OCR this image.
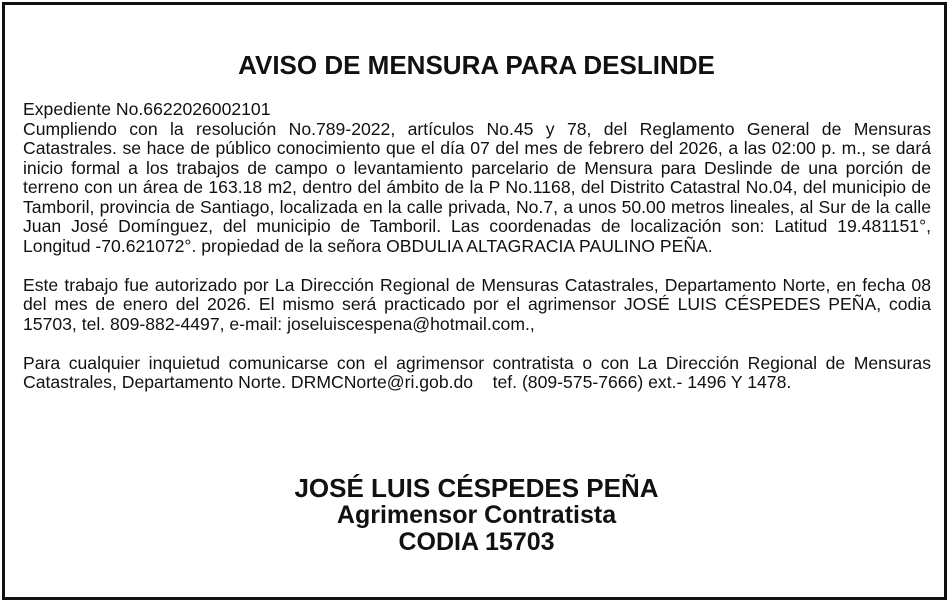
AVISO DE MENSURA PARA DESLINDE

Expediente No.6622026002101

Cumpliendo con la resolución No.789-2022, artículos No.45 y 78, del Reglamento General de Mensuras Catastrales. se hace de público conocimiento que el día 07 del mes de febrero del 2026, a las 02:00 p. m., se dará inicio formal a los trabajos de campo o levantamiento parcelario de Mensura para Deslinde de una porción de terreno con un área de 163.18 m2, dentro del ámbito de la P No.1168, del Distrito Catastral No.04, del municipio de Tamboril, provincia de Santiago, localizada en la calle privada, No.7, a unos 50.00 metros lineales, al Sur de la calle Juan José Domínguez, del municipio de Tamboril. Las coordenadas de localización son: Latitud 19.481151°, Longitud -70.621072°. propiedad de la señora OBDULIA ALTAGRACIA PAULINO PEÑA.

Este trabajo fue autorizado por La Dirección Regional de Mensuras Catastrales, Departamento Norte, en fecha 08 del mes de enero del 2026. El mismo será practicado por el agrimensor JOSÉ LUIS CÉSPEDES PEÑA, codia 15703, tel. 809-882-4497, e-mail: joseluiscespena@hotmail.com.,

Para cualquier inquietud comunicarse con el agrimensor contratista o con La Dirección Regional de Mensuras Catastrales, Departamento Norte. DRMCNorte@ri.gob.do    tef. (809-575-7666) ext.- 1496 Y 1478.

JOSÉ LUIS CÉSPEDES PEÑA
Agrimensor Contratista
CODIA 15703
